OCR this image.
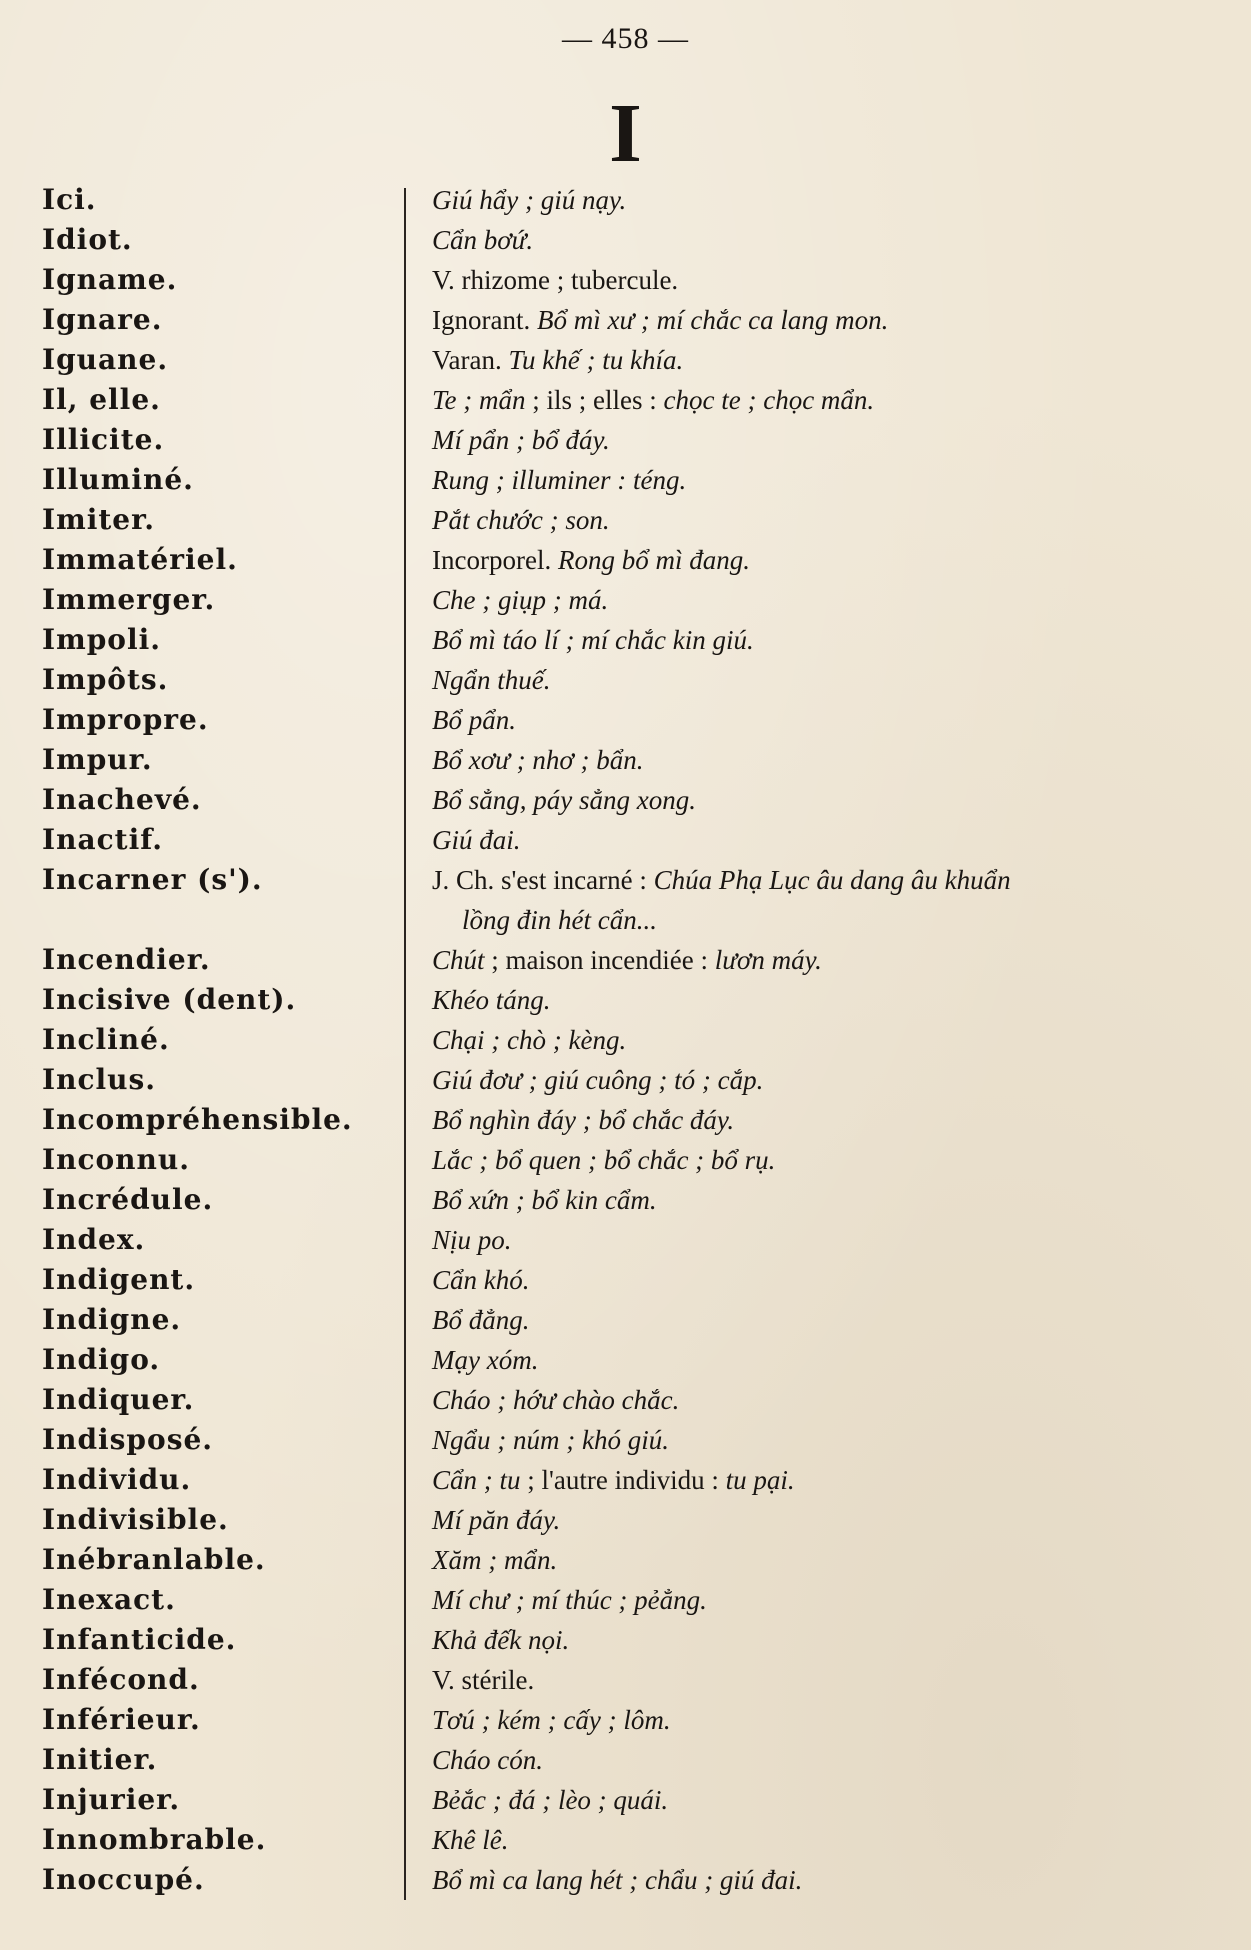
— 458 —
I
Ici.	Giú hẩy ; giú nạy.
Idiot.	Cẩn bơứ.
Igname.	V. rhizome ; tubercule.
Ignare.	Ignorant. Bổ mì xư ; mí chắc ca lang mon.
Iguane.	Varan. Tu khế ; tu khía.
Il, elle.	Te ; mẩn ; ils ; elles : chọc te ; chọc mẩn.
Illicite.	Mí pẩn ; bổ đáy.
Illuminé.	Rung ; illuminer : téng.
Imiter.	Pắt chước ; son.
Immatériel.	Incorporel. Rong bổ mì đang.
Immerger.	Che ; giụp ; má.
Impoli.	Bổ mì táo lí ; mí chắc kin giú.
Impôts.	Ngẩn thuế.
Impropre.	Bổ pẩn.
Impur.	Bổ xơư ; nhơ ; bẩn.
Inachevé.	Bổ sẳng, páy sẳng xong.
Inactif.	Giú đai.
Incarner (s').	J. Ch. s'est incarné : Chúa Phạ Lục âu dang âu khuẩn
lồng đin hét cẩn...
Incendier.	Chút ; maison incendiée : lươn máy.
Incisive (dent).	Khéo táng.
Incliné.	Chại ; chò ; kèng.
Inclus.	Giú đơư ; giú cuông ; tó ; cắp.
Incompréhensible.	Bổ nghìn đáy ; bổ chắc đáy.
Inconnu.	Lắc ; bổ quen ; bổ chắc ; bổ rụ.
Incrédule.	Bổ xứn ; bổ kin cẩm.
Index.	Nịu po.
Indigent.	Cẩn khó.
Indigne.	Bổ đẳng.
Indigo.	Mạy xóm.
Indiquer.	Cháo ; hớư chào chắc.
Indisposé.	Ngẩu ; núm ; khó giú.
Individu.	Cẩn ; tu ; l'autre individu : tu pại.
Indivisible.	Mí păn đáy.
Inébranlable.	Xăm ; mẩn.
Inexact.	Mí chư ; mí thúc ; pẻẳng.
Infanticide.	Khả đếk nọi.
Infécond.	V. stérile.
Inférieur.	Tơú ; kém ; cấy ; lôm.
Initier.	Cháo cón.
Injurier.	Bẻắc ; đá ; lèo ; quái.
Innombrable.	Khê lê.
Inoccupé.	Bổ mì ca lang hét ; chẩu ; giú đai.
